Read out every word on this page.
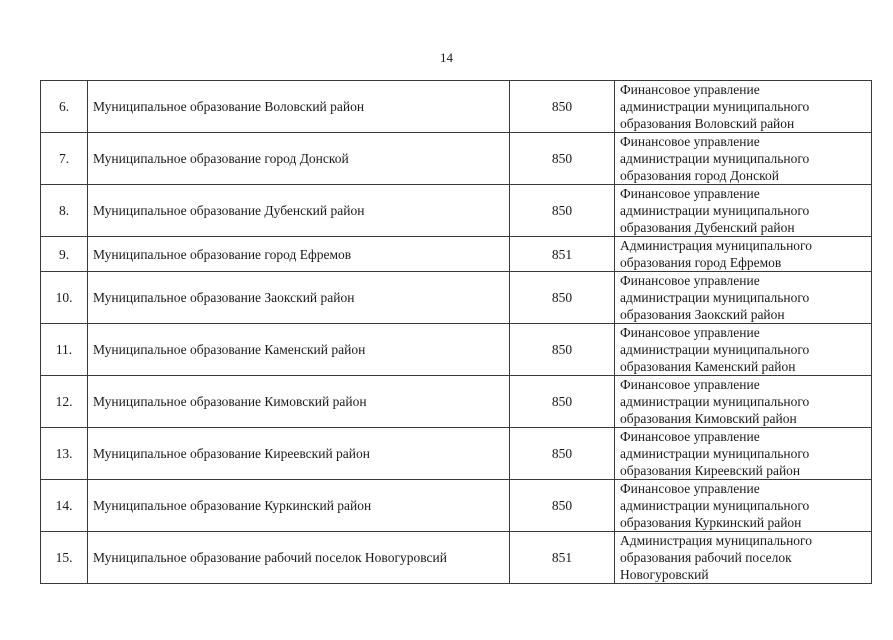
14
6.	Муниципальное образование Воловский район	850	Финансовое управление
администрации муниципального
образования Воловский район

7.	Муниципальное образование город Донской	850	Финансовое управление
администрации муниципального
образования город Донской

8.	Муниципальное образование Дубенский район	850	Финансовое управление
администрации муниципального
образования Дубенский район

9.	Муниципальное образование город Ефремов	851	Администрация муниципального
образования город Ефремов

10.	Муниципальное образование Заокский район	850	Финансовое управление
администрации муниципального
образования Заокский район

11.	Муниципальное образование Каменский район	850	Финансовое управление
администрации муниципального
образования Каменский район

12.	Муниципальное образование Кимовский район	850	Финансовое управление
администрации муниципального
образования Кимовский район

13.	Муниципальное образование Киреевский район	850	Финансовое управление
администрации муниципального
образования Киреевский район

14.	Муниципальное образование Куркинский район	850	Финансовое управление
администрации муниципального
образования Куркинский район

15.	Муниципальное образование рабочий поселок Новогуровсий	851	Администрация муниципального
образования рабочий поселок
Новогуровский
